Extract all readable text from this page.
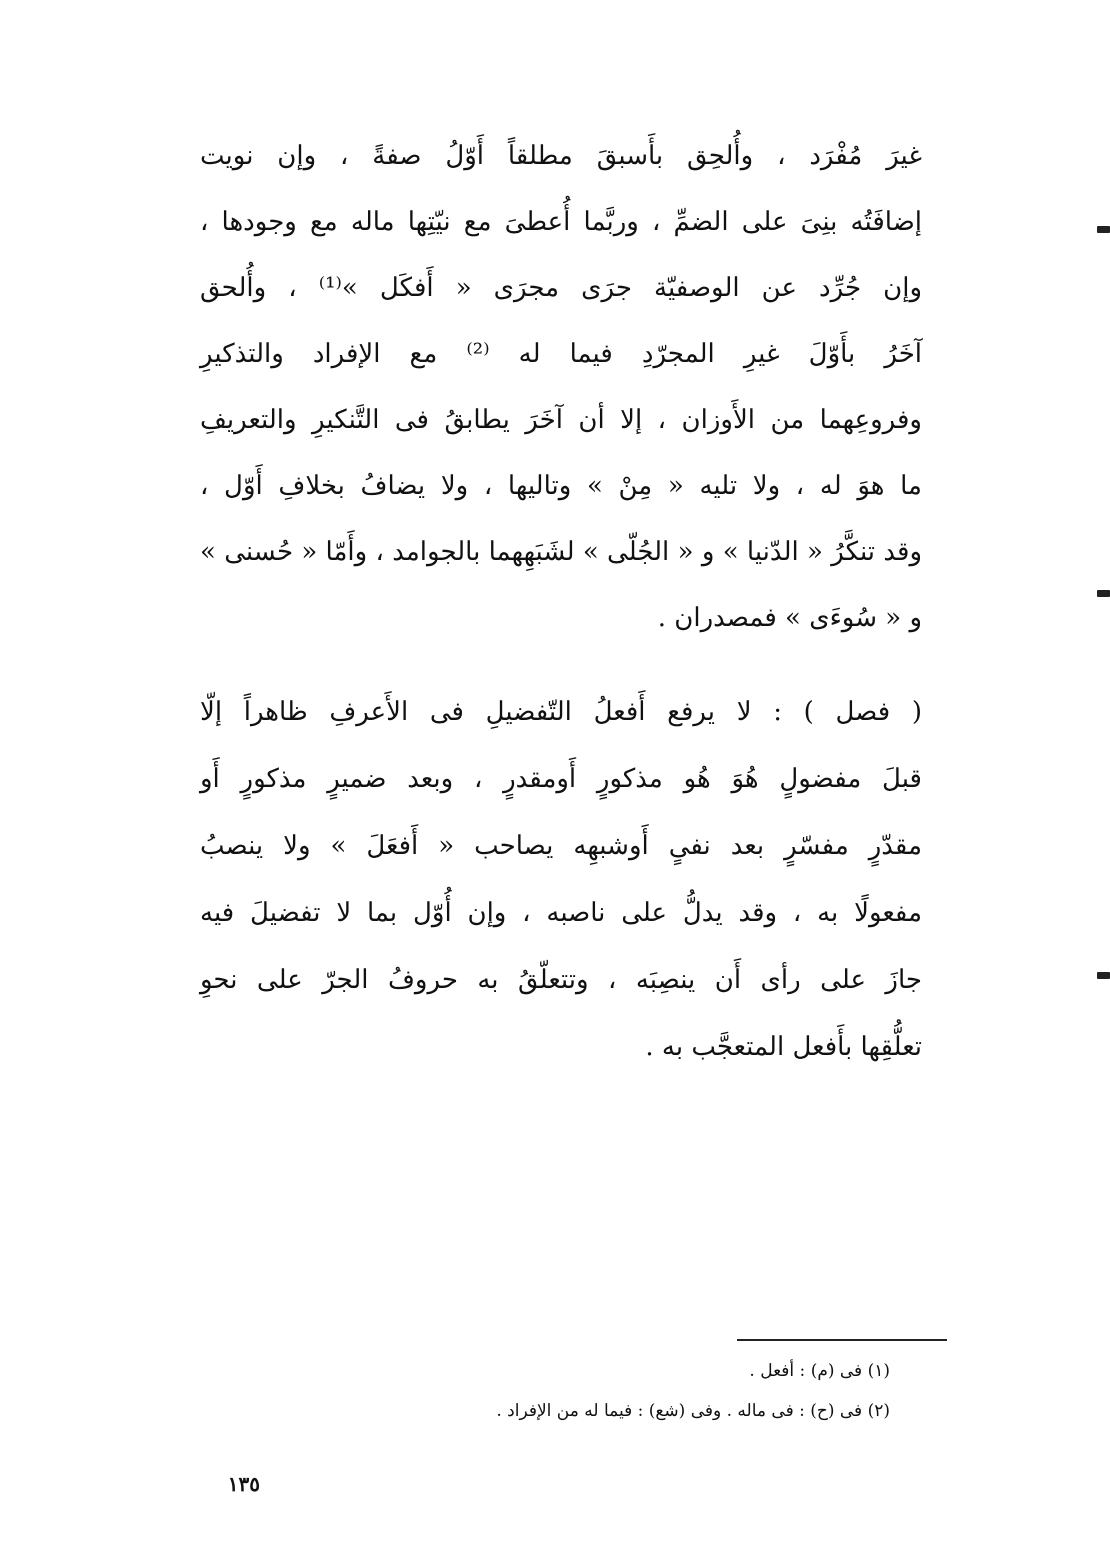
غيرَ مُفْرَد ، وأُلحِق بأَسبقَ مطلقاً أَوّلُ صفةً ، وإن نويت
إضافَتُه بنِىَ على الضمِّ ، وربَّما أُعطىَ مع نيّتِها ماله مع وجودها ،
وإن جُرِّد عن الوصفيّة جرَى مجرَى « أَفكَل »⁽¹⁾ ، وأُلحق
آخَرُ بأَوّلَ غيرِ المجرّدِ فيما له ⁽²⁾ مع الإفراد والتذكيرِ
وفروعِهما من الأَوزان ، إلا أن آخَرَ يطابقُ فى التَّنكيرِ والتعريفِ
ما هوَ له ، ولا تليه « مِنْ » وتاليها ، ولا يضافُ بخلافِ أَوّل ،
وقد تنكَّرُ « الدّنيا » و « الجُلّى » لشَبَهِهما بالجوامد ، وأَمّا « حُسنى »
و « سُوءَى » فمصدران .
( فصل ) : لا يرفع أَفعلُ التّفضيلِ فى الأَعرفِ ظاهراً إلّا
قبلَ مفضولٍ هُوَ هُو مذكورٍ أَومقدرٍ ، وبعد ضميرٍ مذكورٍ أَو
مقدّرٍ مفسّرٍ بعد نفىٍ أَوشبهِه يصاحب « أَفعَلَ » ولا ينصبُ
مفعولًا به ، وقد يدلُّ على ناصبه ، وإن أُوّل بما لا تفضيلَ فيه
جازَ على رأى أَن ينصِبَه ، وتتعلّقُ به حروفُ الجرّ على نحوِ
تعلُّقِها بأَفعل المتعجَّب به .
(١) فى (م) : أفعل .
(٢) فى (ح) : فى ماله . وفى (شع) : فيما له من الإفراد .
١٣٥
